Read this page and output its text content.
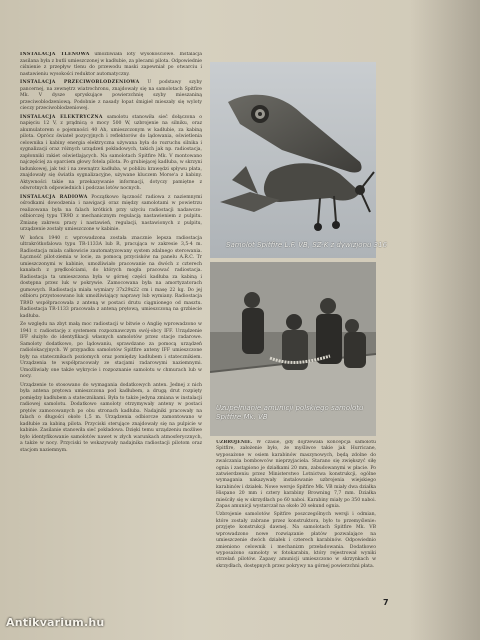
INSTALACJA TLENOWA umożliwiała loty wysokościowe. Instalacja zasilana była z butli umieszczonej w kadłubie, za plecami pilota. Odpowiednie ciśnienie z przepływ tlenu do przewodu maski zapewniał po otwarciu i nastawieniu wysokości reduktor automatyczny.

INSTALACJA PRZECIWOBLODZENIOWA U podstawy szyby pancernej, na zewnętrz wiatrochronu, znajdowały się na samolotach Spitfire Mk. V dysze spryskujące powierzchnię szyby mieszaniną przeciwoblodzeniową. Podobnie z nasady łopat śmigieł mieszały się wyloty cieczy przeciwoblodzeniowej.

INSTALACJA ELEKTRYCZNA samolotu stanowiła sieć dołączona o napięciu 12 V, z prądnicą o mocy 500 W, uzbrojenie na silniku, oraz akumulatorem o pojemności 40 Ah, umieszczonym w kadłubie, za kabiną pilota. Oprócz świateł pozycyjnych i reflektorów do lądowania, oświetlenia celownika i kabiny energia elektryczna używana była do rozruchu silnika i sygnalizacji oraz różnych urządzeń pokładowych, takich jak np. radiostacja, zapłonniki rakiet oświetlających. Na samolotach Spitfire Mk. V montowano najczęściej za oparciem głowy fotela pilota. Po grubiejącej kadłuba, w skrzyni ładunkowej, jak też i na zewnątrz kadłuba, w pobliżu krawędzi spływu płata, znajdowały się światła sygnalizacyjne, używane kluczem Morse'a z kabiny. Aktywności takie na przekazywanie informacji, dotyczy pamiętne z odwrotnych odpowiednich i podczas lotów nocnych.

INSTALACJA RADIOWA Początkowo łączność radiowa z naziemnymi ośrodkami dowodzenia i nawigacji oraz między samolotami w powietrzu realizowana była na falach krótkich przy użyciu radiostacji nadawczo-odbiorczej typu TR9D z mechanicznym regulacją nastawieniem z pulpitu. Zmianę zakresu pracy i nastawień, regulacji, nastawionych z pulpitu, urządzenie zostały umieszczone w kabinie.

W końcu 1940 r. wprowadzona została znacznie lepsza radiostacja ultrakrótkofalowa typu TR-1133A lub R, pracująca w zakresie 3,5-4 m. Radiostacja miała całkowicie zautomatyzowany system zdalnego sterowania. Łączność pilot-ziemia w locie, za pomocą przycisków na panelu A.R.C. Tr umieszczonymi w kabinie, umożliwiało pracowanie na dwóch z czterech kanałach z prędkościami, do których mogła pracować radiostacja. Radiostacja ta umieszczona była w górnej części kadłuba za kabiną i dostępna przez luk w pokrywie. Zamocowana była na amortyzatorach gumowych. Radiostacja miała wymiary 37x29x22 cm i masę 22 kg. Do jej odbioru przystosowano luk umożliwiający naprawy lub wymiany. Radiostacja TR9D współpracowała z anteną w postaci drutu ciągnionego od masztu. Radiostacja TR-1133 pracowała z anteną prętową, umieszczoną na grzbiecie kadłuba.

Ze względu na zbyt małą moc radiostacji w bitwie o Anglię wprowadzono w 1941 r. radiostację z systemem rozpoznawczym swój-obcy IFF. Urządzenie IFF służyło do identyfikacji własnych samolotów przez stacje radarowe. Samoloty dodatkowo, po lądowaniu, sprawdzano za pomocą urządzeń radiolokacyjnych. W przypadku samolotów Spitfire anteny IFF umieszczone były na statecznikach poziomych oraz pomiędzy kadłubem i statecznikiem. Urządzenia te współpracowały ze stacjami radarowymi naziemnymi. Umożliwiały one także wykrycie i rozpoznanie samolotu w chmurach lub w nocy.

Urządzenie to stosowano do wymagania dodatkowych anten. Jednej z nich była antena prętowa umieszczona pod kadłubem, a drugą drut rozpięty pomiędzy kadłubem a statecznikami. Była to także jedyna zmiana w instalacji radiowej samolotu. Dodatkowo samoloty otrzymywały anteny w postaci prętów zamocowanych po obu stronach kadłuba. Nadajniki pracowały na falach o długości około 1,5 m. Urządzenia odbiorcze zamontowano w kadłubie za kabiną pilota. Przyciski sterujące znajdowały się na pulpicie w kabinie. Zasilanie stanowiła sieć pokładowa. Dzięki temu urządzeniu możliwe było identyfikowanie samolotów nawet w złych warunkach atmosferycznych, a także w nocy. Przyciski te wskazywały nadajnika radiostacji pilotom oraz stacjom naziemnym.

Samolot Spitfire L.F. VB, SZ-K z dywizjonu 316
Uzupełnianie amunicji polskiego samolotu Spitfire Mk. VB

UZBROJENIE. W czasie, gdy dojrzewała koncepcja samolotu Spitfire, założenie było, że myśliwce takie jak Hurricane, wyposażone w osiem karabinów maszynowych, będą zdolne do zwalczania bombowców nieprzyjaciela. Starano się zwiększyć siłę ognia i zastąpiono je działkami 20 mm, zabudowanymi w płacie. Po zatwierdzeniu przez Ministerstwo Lotnictwa konstrukcji, ogólne wymagania nakazywały instalowanie uzbrojenia wiejskiego karabinów i działek. Nowe wersje Spitfire Mk. VB miały dwa działka Hispano 20 mm i cztery karabiny Browning 7,7 mm. Działka mieściły się w skrzydłach po 60 naboi. Karabiny miały po 350 naboi. Zapas amunicji wystarczał na około 20 sekund ognia.

Uzbrojenie samolotów Spitfire poszczególnych wersji i odmian, które zostały zabrane przez konstruktora, było to przemyślenie: przyjęte konstrukcji dawnej. Na samolotach Spitfire Mk. VB wprowadzono nowe rozwiązanie płatów pozwalające na umieszczenie dwóch działek i czterech karabinów. Odpowiednio zmieniono celownik i mechanizm przeładowania. Dodatkowo wyposażono samoloty w fotokarabin, który rejestrował wyniki strzelań pilotów. Zapasy amunicji umieszczono w skrzynkach w skrzydłach, dostępnych przez pokrywy na górnej powierzchni płata.

7
Antikvarium.hu
